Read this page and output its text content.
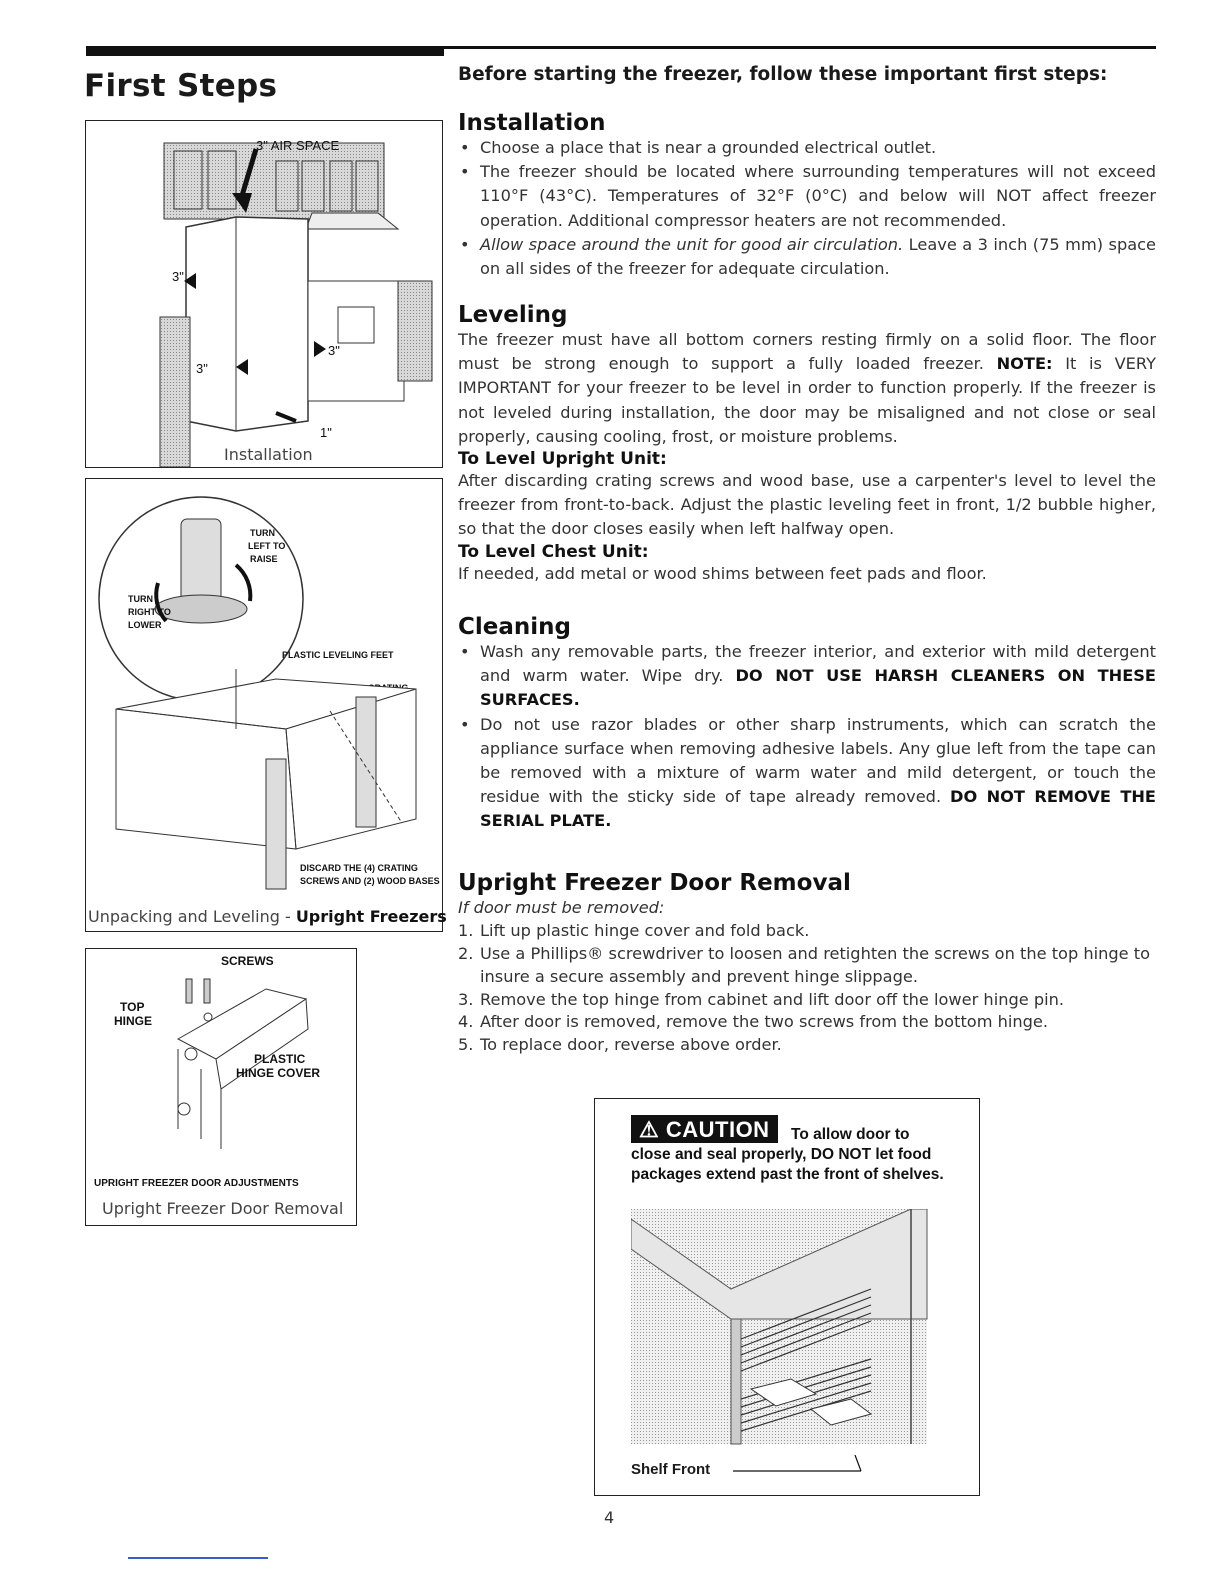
First Steps	Before starting the freezer, follow these important first steps:
3" AIR SPACE
3"
3"
3"
1"
Installation
TURN
LEFT TO
RAISE
TURN
RIGHT TO
LOWER
PLASTIC LEVELING FEET
DISCARD THE (4) CRATING
SCREWS AND (2) WOOD BASES
Unpacking and Leveling - Upright Freezers
SCREWS
TOP
HINGE
PLASTIC
HINGE COVER
UPRIGHT FREEZER DOOR ADJUSTMENTS
Upright Freezer Door Removal
Installation
• Choose a place that is near a grounded electrical outlet.
• The freezer should be located where surrounding temperatures will not exceed 110°F (43°C). Temperatures of 32°F (0°C) and below will NOT affect freezer operation. Additional compressor heaters are not recommended.
• Allow space around the unit for good air circulation. Leave a 3 inch (75 mm) space on all sides of the freezer for adequate circulation.
Leveling

The freezer must have all bottom corners resting firmly on a solid floor. The floor must be strong enough to support a fully loaded freezer. NOTE: It is VERY IMPORTANT for your freezer to be level in order to function properly. If the freezer is not leveled during installation, the door may be misaligned and not close or seal properly, causing cooling, frost, or moisture problems.

To Level Upright Unit:

After discarding crating screws and wood base, use a carpenter's level to level the freezer from front-to-back. Adjust the plastic leveling feet in front, 1/2 bubble higher, so that the door closes easily when left halfway open.

To Level Chest Unit:

If needed, add metal or wood shims between feet pads and floor.

Cleaning
• Wash any removable parts, the freezer interior, and exterior with mild detergent and warm water. Wipe dry. DO NOT USE HARSH CLEANERS ON THESE SURFACES.
• Do not use razor blades or other sharp instruments, which can scratch the appliance surface when removing adhesive labels. Any glue left from the tape can be removed with a mixture of warm water and mild detergent, or touch the residue with the sticky side of tape already removed. DO NOT REMOVE THE SERIAL PLATE.
Upright Freezer Door Removal
If door must be removed:
1. Lift up plastic hinge cover and fold back.
2. Use a Phillips® screwdriver to loosen and retighten the screws on the top hinge to insure a secure assembly and prevent hinge slippage.
3. Remove the top hinge from cabinet and lift door off the lower hinge pin.
4. After door is removed, remove the two screws from the bottom hinge.
5. To replace door, reverse above order.
⚠ CAUTION	To allow door to close and seal properly, DO NOT let food packages extend past the front of shelves.
Shelf Front
4
